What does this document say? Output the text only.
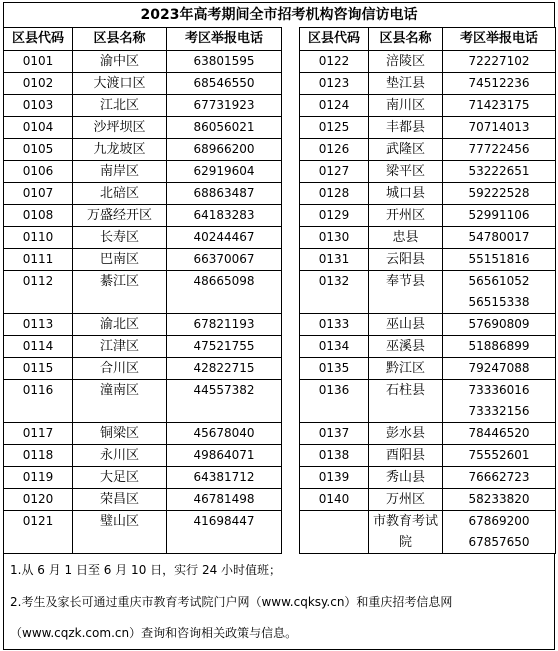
2023年高考期间全市招考机构咨询信访电话
区县代码	区县名称	考区举报电话		区县代码	区县名称	考区举报电话
0101	渝中区	63801595		0122	涪陵区	72227102

0102	大渡口区	68546550		0123	垫江县	74512236

0103	江北区	67731923		0124	南川区	71423175

0104	沙坪坝区	86056021		0125	丰都县	70714013

0105	九龙坡区	68966200		0126	武隆区	77722456

0106	南岸区	62919604		0127	梁平区	53222651

0107	北碚区	68863487		0128	城口县	59222528

0108	万盛经开区	64183283		0129	开州区	52991106

0110	长寿区	40244467		0130	忠县	54780017

0111	巴南区	66370067		0131	云阳县	55151816

0112	綦江区	48665098		0132	奉节县	56561052
56515338

0113	渝北区	67821193		0133	巫山县	57690809

0114	江津区	47521755		0134	巫溪县	51886899

0115	合川区	42822715		0135	黔江区	79247088

0116	潼南区	44557382		0136	石柱县	73336016
73332156

0117	铜梁区	45678040		0137	彭水县	78446520

0118	永川区	49864071		0138	酉阳县	75552601

0119	大足区	64381712		0139	秀山县	76662723

0120	荣昌区	46781498		0140	万州区	58233820

0121	璧山区	41698447			市教育考试院	67869200
67857650

1.从 6 月 1 日至 6 月 10 日，实行 24 小时值班；

2.考生及家长可通过重庆市教育考试院门户网（www.cqksy.cn）和重庆招考信息网（www.cqzk.com.cn）查询和咨询相关政策与信息。
